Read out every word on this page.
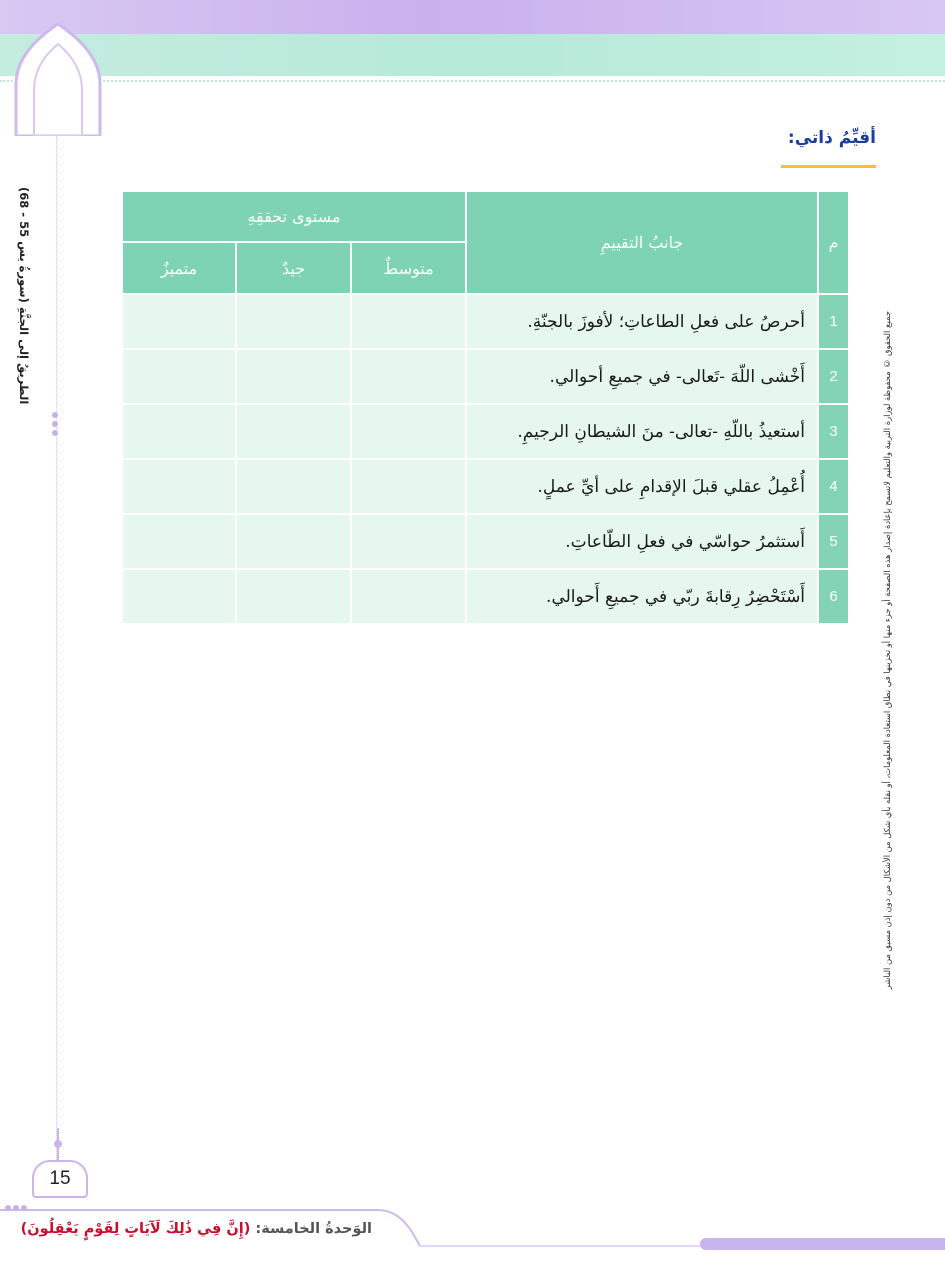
الطريقُ إلى الجنَّةِ (سورةُ يس 55 - 68)	جميع الحقوق © محفوظة لوزارة التربية والتعليم لاتسمح بإعادة إصدار هذه الصفحة أو جزء منها أو تخزينها في نطاق استعادة المعلومات، أو نقله بأي شكل من الأشكال من دون إذن مسبق من الناشر
أقيِّمُ ذاتي:
م	جانبُ التقييمِ	مستوى تحققِهِ		
		متوسطٌ	جيدٌ	متميزٌ
1	أحرصُ على فعلِ الطاعاتِ؛ لأفوزَ بالجنّةِ.			
2	أَخْشى اللّهَ -تَعالى- في جميعِ أحوالي.			
3	أستعيذُ باللّهِ -تعالى- منَ الشيطانِ الرجيمِ.			
4	أُعْمِلُ عقلي قبلَ الإقدامِ على أيِّ عملٍ.			
5	أَستثمرُ حواسّي في فعلِ الطّاعاتِ.			
6	أَسْتَحْضِرُ رِقابةَ ربّي في جميعِ أَحوالي.			
15
الوَحدةُ الخامسة: (إِنَّ فِي ذَٰلِكَ لَآيَاتٍ لِقَوْمٍ يَعْقِلُونَ)
